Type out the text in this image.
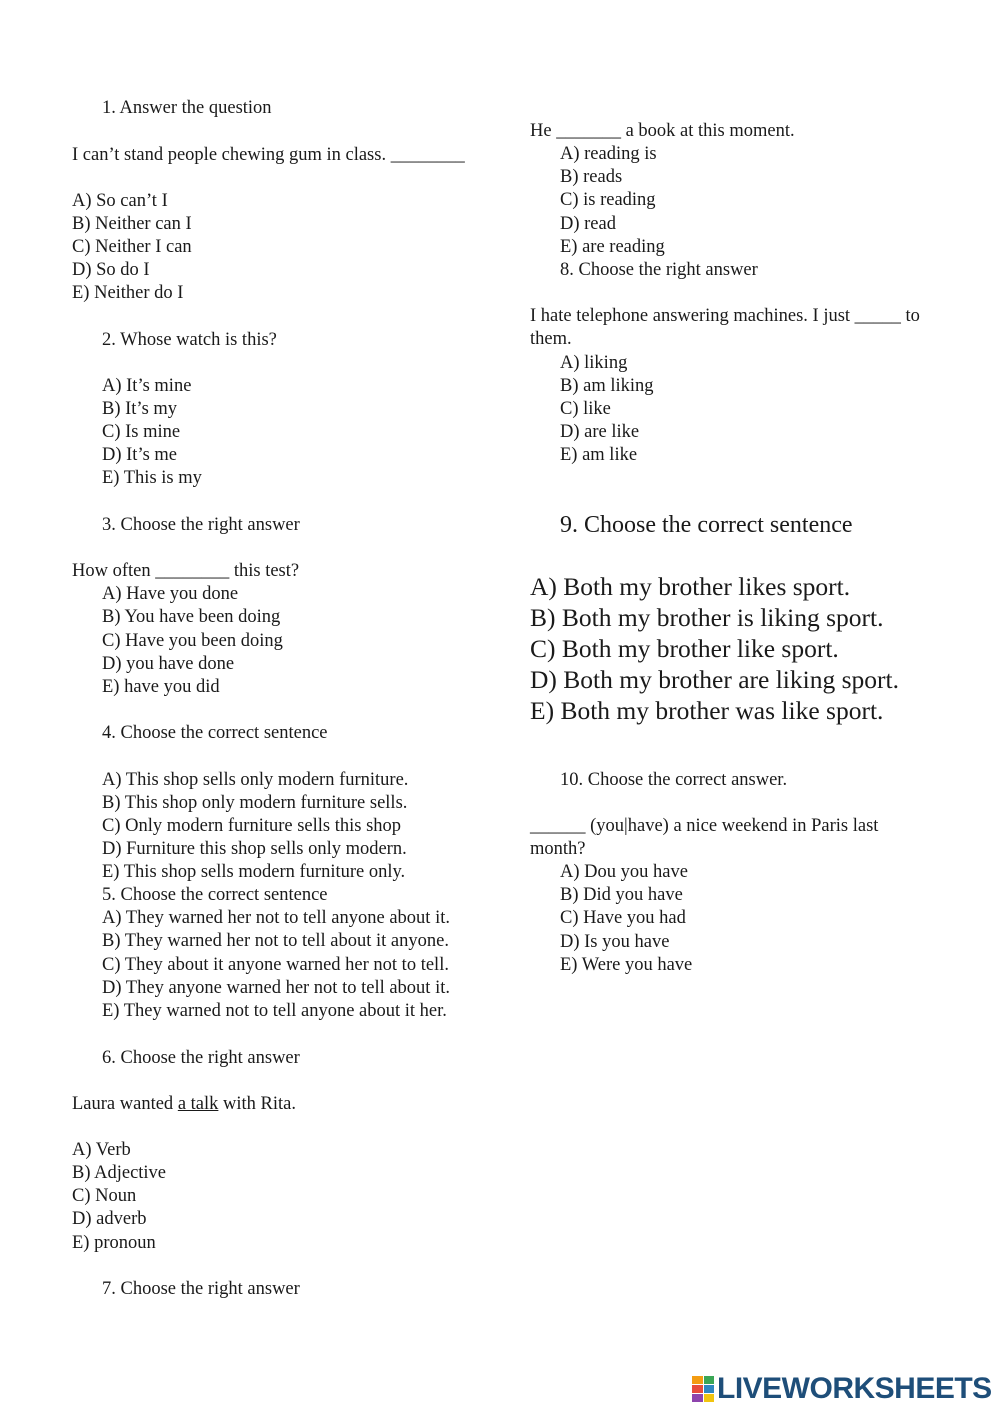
1. Answer the question
I can’t stand people chewing gum in class. ________
A) So can’t I
B) Neither can I
C) Neither I can
D) So do I
E) Neither do I
2. Whose watch is this?
A) It’s mine
B) It’s my
C) Is mine
D) It’s me
E) This is my
3. Choose the right answer
How often ________ this test?
A) Have you done
B) You have been doing
C) Have you been doing
D) you have done
E) have you did
4. Choose the correct sentence
A) This shop sells only modern furniture.
B) This shop only modern furniture sells.
C) Only modern furniture sells this shop
D) Furniture this shop sells only modern.
E) This shop sells modern furniture only.
5. Choose the correct sentence
A) They warned her not to tell anyone about it.
B) They warned her not to tell about it anyone.
C) They about it anyone warned her not to tell.
D) They anyone warned her not to tell about it.
E) They warned not to tell anyone about it her.
6. Choose the right answer
Laura wanted a talk with Rita.
A) Verb
B) Adjective
C) Noun
D) adverb
E) pronoun
7. Choose the right answer
He _______ a book at this moment.
A) reading is
B) reads
C) is reading
D) read
E) are reading
8. Choose the right answer
I hate telephone answering machines. I just _____ to
them.
A) liking
B) am liking
C) like
D) are like
E) am like
9. Choose the correct sentence
A) Both my brother likes sport.
B) Both my brother is liking sport.
C) Both my brother like sport.
D) Both my brother are liking sport.
E) Both my brother was like sport.
10. Choose the correct answer.
______ (you|have) a nice weekend in Paris last
month?
A) Dou you have
B) Did you have
C) Have you had
D) Is you have
E) Were you have
LIVEWORKSHEETS
